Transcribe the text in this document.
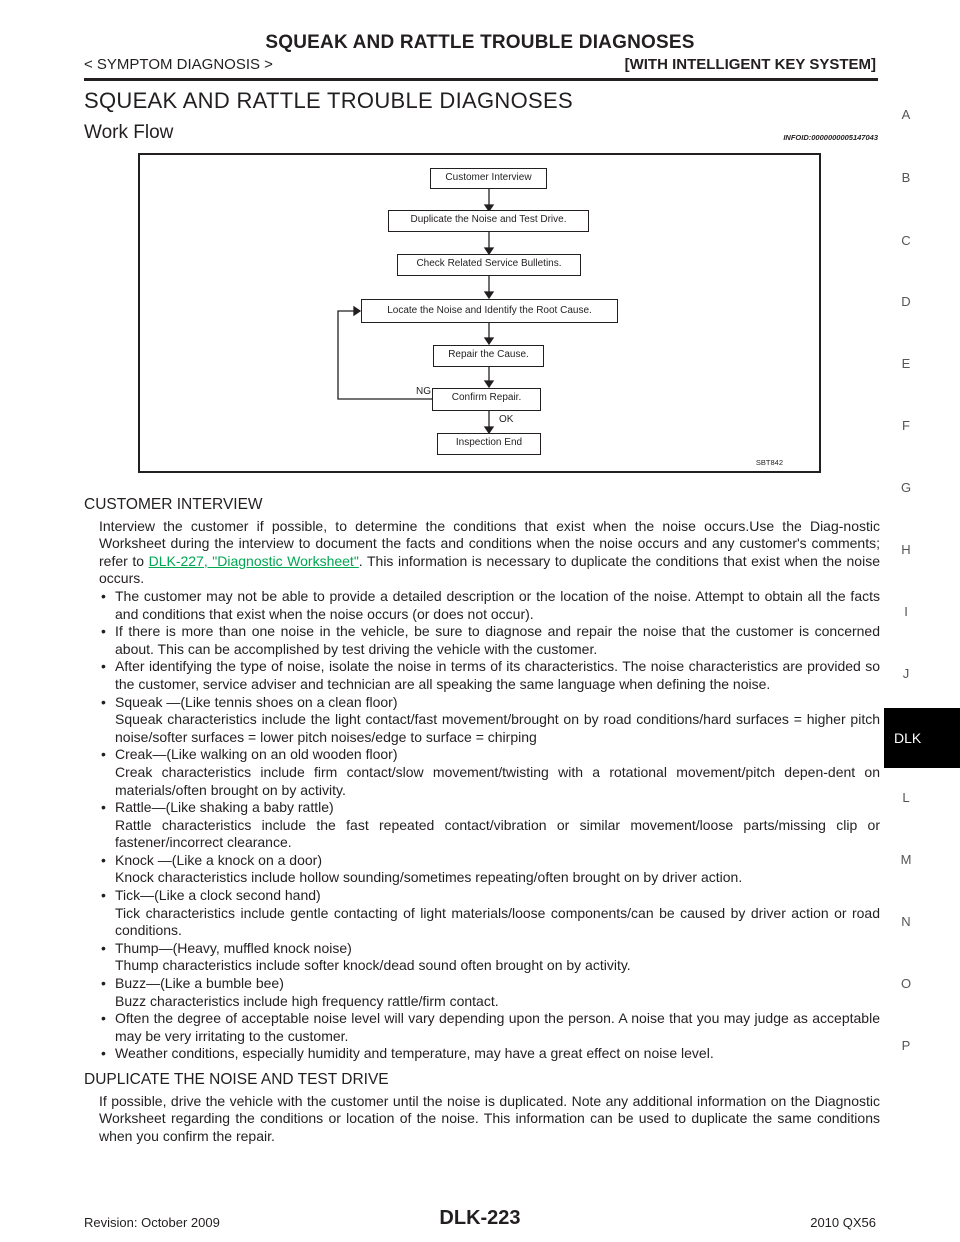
SQUEAK AND RATTLE TROUBLE DIAGNOSES
< SYMPTOM DIAGNOSIS >	[WITH INTELLIGENT KEY SYSTEM]
SQUEAK AND RATTLE TROUBLE DIAGNOSES
Work Flow	INFOID:0000000005147043
Customer Interview
Duplicate the Noise and Test Drive.
Check Related Service Bulletins.
Locate the Noise and Identify the Root Cause.
Repair the Cause.
Confirm Repair.
Inspection End
NG
OK
SBT842
A
B
C
D
E
F
G
H
I
J
DLK
L
M
N
O
P
CUSTOMER INTERVIEW

Interview the customer if possible, to determine the conditions that exist when the noise occurs.Use the Diag-nostic Worksheet during the interview to document the facts and conditions when the noise occurs and any customer's comments; refer to DLK-227, "Diagnostic Worksheet". This information is necessary to duplicate the conditions that exist when the noise occurs.

• The customer may not be able to provide a detailed description or the location of the noise. Attempt to obtain all the facts and conditions that exist when the noise occurs (or does not occur).
• If there is more than one noise in the vehicle, be sure to diagnose and repair the noise that the customer is concerned about. This can be accomplished by test driving the vehicle with the customer.
• After identifying the type of noise, isolate the noise in terms of its characteristics. The noise characteristics are provided so the customer, service adviser and technician are all speaking the same language when defining the noise.
• Squeak —(Like tennis shoes on a clean floor)
Squeak characteristics include the light contact/fast movement/brought on by road conditions/hard surfaces = higher pitch noise/softer surfaces = lower pitch noises/edge to surface = chirping
• Creak—(Like walking on an old wooden floor)
Creak characteristics include firm contact/slow movement/twisting with a rotational movement/pitch depen-dent on materials/often brought on by activity.
• Rattle—(Like shaking a baby rattle)
Rattle characteristics include the fast repeated contact/vibration or similar movement/loose parts/missing clip or fastener/incorrect clearance.
• Knock —(Like a knock on a door)
Knock characteristics include hollow sounding/sometimes repeating/often brought on by driver action.
• Tick—(Like a clock second hand)
Tick characteristics include gentle contacting of light materials/loose components/can be caused by driver action or road conditions.
• Thump—(Heavy, muffled knock noise)
Thump characteristics include softer knock/dead sound often brought on by activity.
• Buzz—(Like a bumble bee)
Buzz characteristics include high frequency rattle/firm contact.
• Often the degree of acceptable noise level will vary depending upon the person. A noise that you may judge as acceptable may be very irritating to the customer.
• Weather conditions, especially humidity and temperature, may have a great effect on noise level.
DUPLICATE THE NOISE AND TEST DRIVE

If possible, drive the vehicle with the customer until the noise is duplicated. Note any additional information on the Diagnostic Worksheet regarding the conditions or location of the noise. This information can be used to duplicate the same conditions when you confirm the repair.

Revision: October 2009	DLK-223	2010 QX56
